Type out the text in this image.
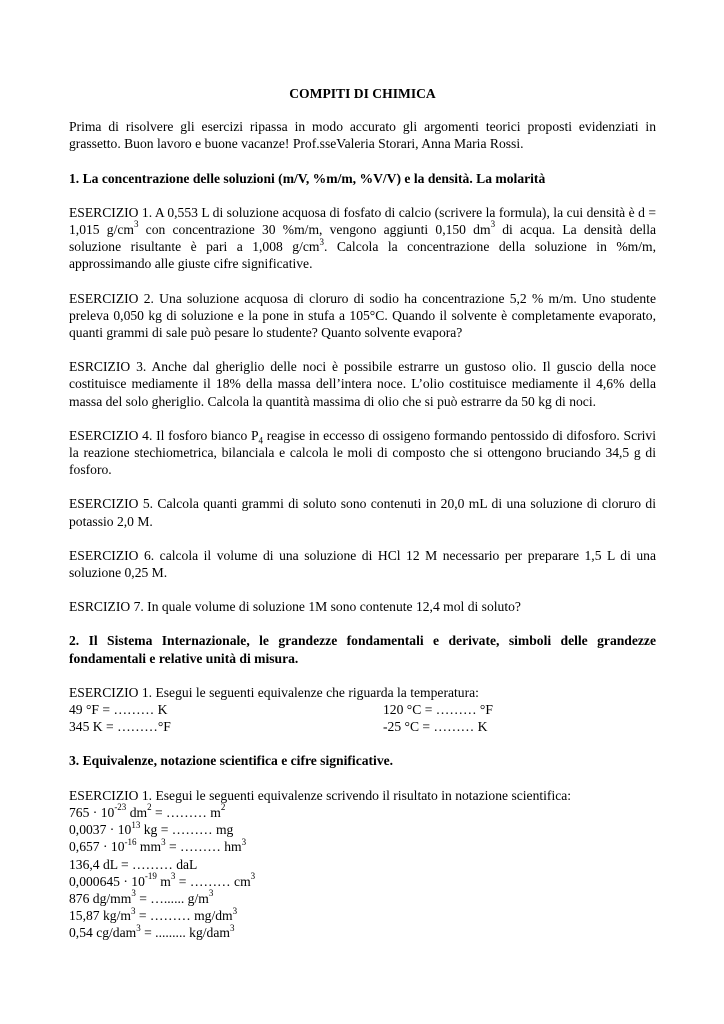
COMPITI DI CHIMICA

Prima di risolvere gli esercizi ripassa in modo accurato gli argomenti teorici proposti evidenziati in grassetto. Buon lavoro e buone vacanze! Prof.sseValeria Storari, Anna Maria Rossi.

1. La concentrazione delle soluzioni (m/V, %m/m, %V/V) e la densità. La molarità

ESERCIZIO 1. A 0,553 L di soluzione acquosa di fosfato di calcio (scrivere la formula), la cui densità è d = 1,015 $g/cm^3$ con concentrazione 30 %m/m, vengono aggiunti 0,150 $dm^3$ di acqua. La densità della soluzione risultante è pari a 1,008 $g/cm^3$. Calcola la concentrazione della soluzione in %m/m, approssimando alle giuste cifre significative.

ESERCIZIO 2. Una soluzione acquosa di cloruro di sodio ha concentrazione 5,2 % m/m. Uno studente preleva 0,050 kg di soluzione e la pone in stufa a 105°C. Quando il solvente è completamente evaporato, quanti grammi di sale può pesare lo studente? Quanto solvente evapora?

ESRCIZIO 3. Anche dal gheriglio delle noci è possibile estrarre un gustoso olio. Il guscio della noce costituisce mediamente il 18% della massa dell’intera noce. L’olio costituisce mediamente il 4,6% della massa del solo gheriglio. Calcola la quantità massima di olio che si può estrarre da 50 kg di noci.

ESERCIZIO 4. Il fosforo bianco $P_4$ reagise in eccesso di ossigeno formando pentossido di difosforo. Scrivi la reazione stechiometrica, bilanciala e calcola le moli di composto che si ottengono bruciando 34,5 g di fosforo.

ESERCIZIO 5. Calcola quanti grammi di soluto sono contenuti in 20,0 mL di una soluzione di cloruro di potassio 2,0 M.

ESERCIZIO 6. calcola il volume di una soluzione di HCl 12 M necessario per preparare 1,5 L di una soluzione 0,25 M.

ESRCIZIO 7. In quale volume di soluzione 1M sono contenute 12,4 mol di soluto?

2. Il Sistema Internazionale, le grandezze fondamentali e derivate, simboli delle grandezze fondamentali e relative unità di misura.

ESERCIZIO 1. Esegui le seguenti equivalenze che riguarda la temperatura:
49 °F = ……… K	120 °C = ……… °F
345 K = ………°F	-25 °C = ……… K

3. Equivalenze, notazione scientifica e cifre significative.

ESERCIZIO 1. Esegui le seguenti equivalenze scrivendo il risultato in notazione scientifica:
$765 \cdot 10^{-23}$ $dm^2$ = ……… $m^2$
$0,0037 \cdot 10^{13}$ kg = ……… mg
$0,657 \cdot 10^{-16}$ $mm^3$ = ……… $hm^3$
136,4 dL = ……… daL
$0,000645 \cdot 10^{-19}$ $m^3$ = ……… $cm^3$
876 $dg/mm^3$ = …...... $g/m^3$
15,87 $kg/m^3$ = ……… $mg/dm^3$
0,54 cg/dam$^3$ = ......... kg/dam$^3$
